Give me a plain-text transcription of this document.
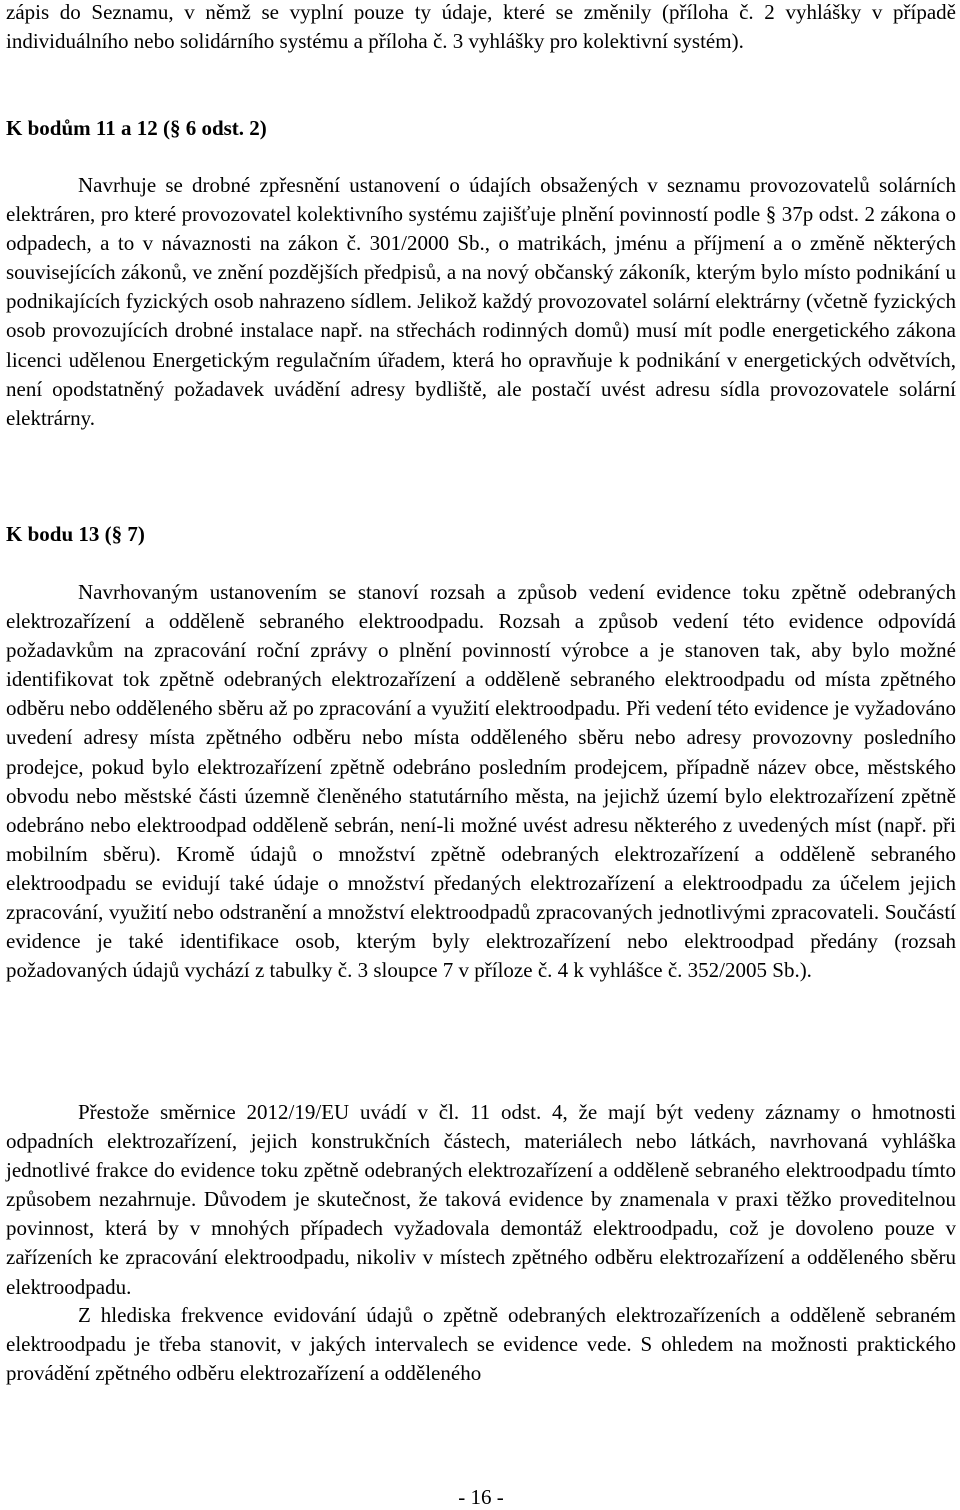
zápis do Seznamu, v němž se vyplní pouze ty údaje, které se změnily (příloha č. 2 vyhlášky v případě individuálního nebo solidárního systému a příloha č. 3 vyhlášky pro kolektivní systém).

K bodům 11 a 12 (§ 6 odst. 2)

Navrhuje se drobné zpřesnění ustanovení o údajích obsažených v seznamu provozovatelů solárních elektráren, pro které provozovatel kolektivního systému zajišťuje plnění povinností podle § 37p odst. 2 zákona o odpadech, a to v návaznosti na zákon č. 301/2000 Sb., o matrikách, jménu a příjmení a o změně některých souvisejících zákonů, ve znění pozdějších předpisů, a na nový občanský zákoník, kterým bylo místo podnikání u podnikajících fyzických osob nahrazeno sídlem. Jelikož každý provozovatel solární elektrárny (včetně fyzických osob provozujících drobné instalace např. na střechách rodinných domů) musí mít podle energetického zákona licenci udělenou Energetickým regulačním úřadem, která ho opravňuje k podnikání v energetických odvětvích, není opodstatněný požadavek uvádění adresy bydliště, ale postačí uvést adresu sídla provozovatele solární elektrárny.

K bodu 13 (§ 7)

Navrhovaným ustanovením se stanoví rozsah a způsob vedení evidence toku zpětně odebraných elektrozařízení a odděleně sebraného elektroodpadu. Rozsah a způsob vedení této evidence odpovídá požadavkům na zpracování roční zprávy o plnění povinností výrobce a je stanoven tak, aby bylo možné identifikovat tok zpětně odebraných elektrozařízení a odděleně sebraného elektroodpadu od místa zpětného odběru nebo odděleného sběru až po zpracování a využití elektroodpadu. Při vedení této evidence je vyžadováno uvedení adresy místa zpětného odběru nebo místa odděleného sběru nebo adresy provozovny posledního prodejce, pokud bylo elektrozařízení zpětně odebráno posledním prodejcem, případně název obce, městského obvodu nebo městské části územně členěného statutárního města, na jejichž území bylo elektrozařízení zpětně odebráno nebo elektroodpad odděleně sebrán, není-li možné uvést adresu některého z uvedených míst (např. při mobilním sběru). Kromě údajů o množství zpětně odebraných elektrozařízení a odděleně sebraného elektroodpadu se evidují také údaje o množství předaných elektrozařízení a elektroodpadu za účelem jejich zpracování, využití nebo odstranění a množství elektroodpadů zpracovaných jednotlivými zpracovateli. Součástí evidence je také identifikace osob, kterým byly elektrozařízení nebo elektroodpad předány (rozsah požadovaných údajů vychází z tabulky č. 3 sloupce 7 v příloze č. 4 k vyhlášce č. 352/2005 Sb.).

Přestože směrnice 2012/19/EU uvádí v čl. 11 odst. 4, že mají být vedeny záznamy o hmotnosti odpadních elektrozařízení, jejich konstrukčních částech, materiálech nebo látkách, navrhovaná vyhláška jednotlivé frakce do evidence toku zpětně odebraných elektrozařízení a odděleně sebraného elektroodpadu tímto způsobem nezahrnuje. Důvodem je skutečnost, že taková evidence by znamenala v praxi těžko proveditelnou povinnost, která by v mnohých případech vyžadovala demontáž elektroodpadu, což je dovoleno pouze v zařízeních ke zpracování elektroodpadu, nikoliv v místech zpětného odběru elektrozařízení a odděleného sběru elektroodpadu.

Z hlediska frekvence evidování údajů o zpětně odebraných elektrozařízeních a odděleně sebraném elektroodpadu je třeba stanovit, v jakých intervalech se evidence vede. S ohledem na možnosti praktického provádění zpětného odběru elektrozařízení a odděleného

- 16 -
